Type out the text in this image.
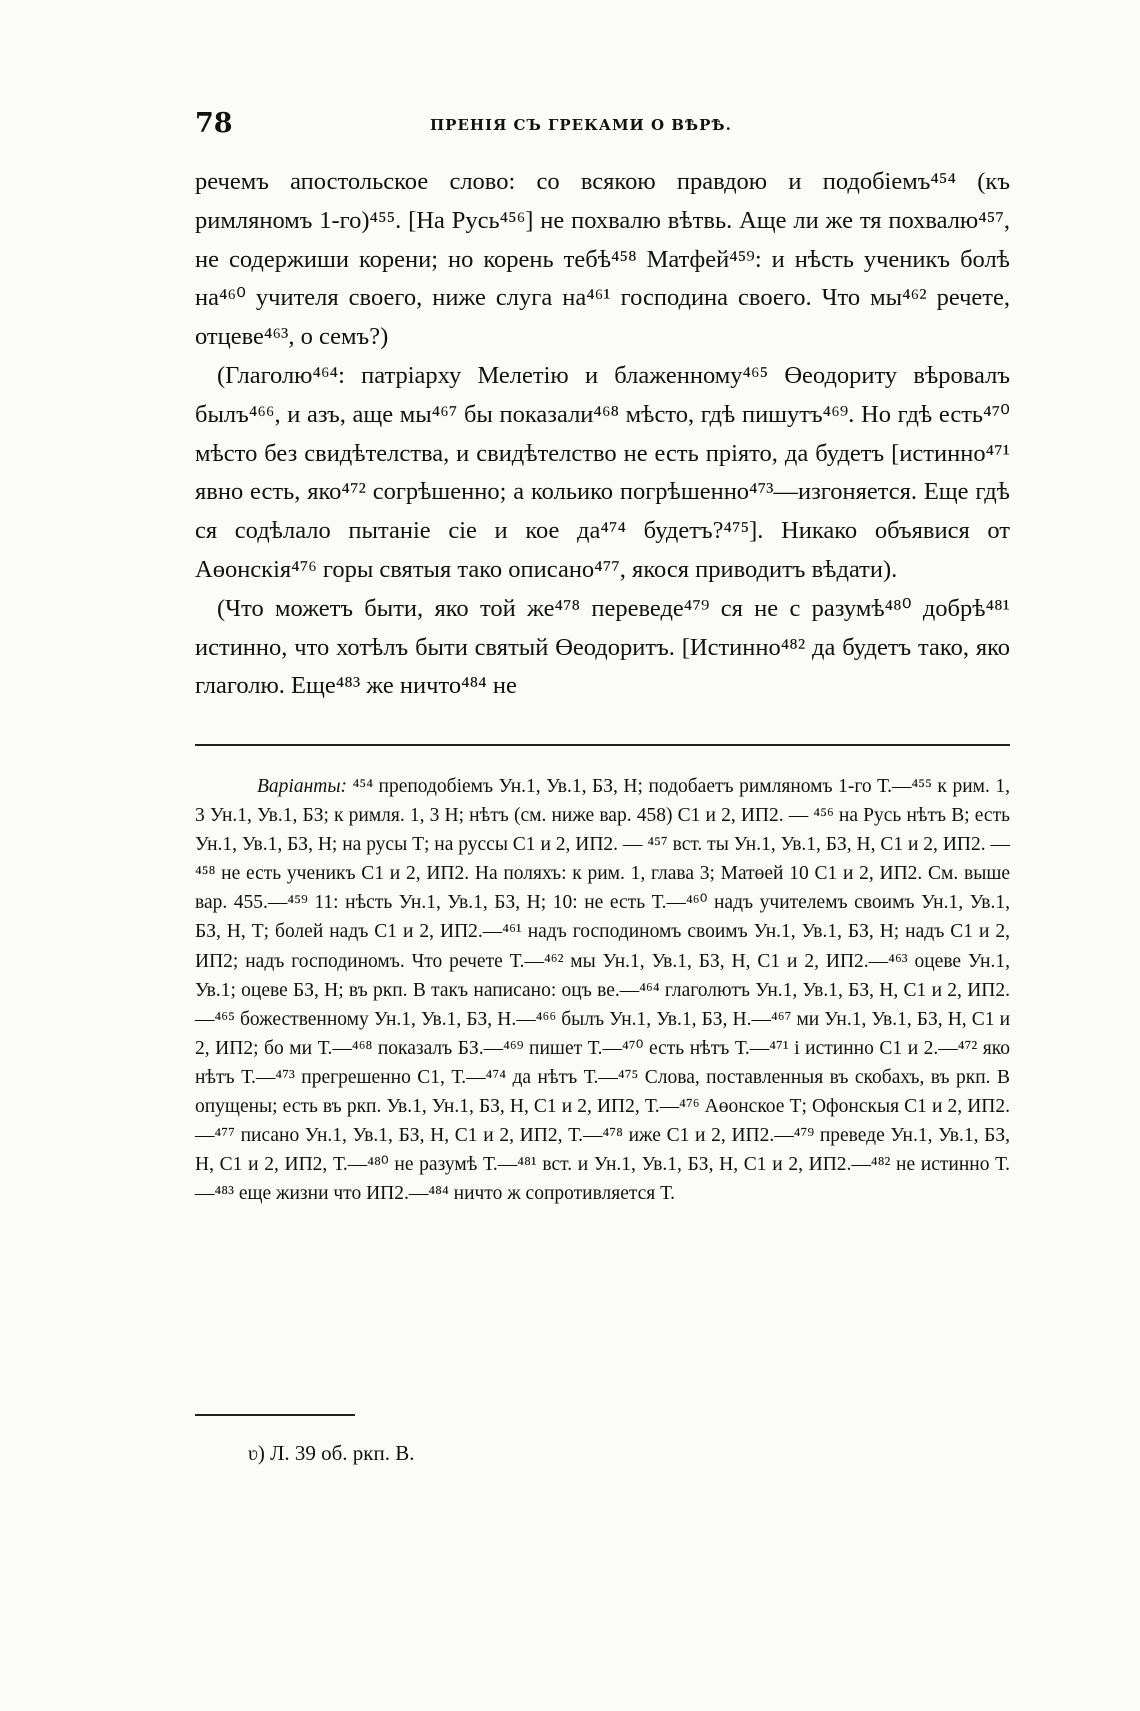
78	ПРЕНІЯ СЪ ГРЕКАМИ О ВѢРѢ.

речемъ апостольское слово: со всякою правдою и подобіемъ⁴⁵⁴ (къ римляномъ 1-го)⁴⁵⁵. [На Русь⁴⁵⁶] не похвалю вѣтвь. Аще ли же тя похвалю⁴⁵⁷, не содержиши корени; но корень тебѣ⁴⁵⁸ Матфей⁴⁵⁹: и нѣсть ученикъ болѣ на⁴⁶⁰ учителя своего, ниже слуга на⁴⁶¹ господина своего. Что мы⁴⁶² речете, отцеве⁴⁶³, о семъ?)

(Глаголю⁴⁶⁴: патріарху Мелетію и блаженному⁴⁶⁵ Өеодориту вѣровалъ былъ⁴⁶⁶, и азъ, аще мы⁴⁶⁷ бы показали⁴⁶⁸ мѣсто, гдѣ пишутъ⁴⁶⁹. Но гдѣ есть⁴⁷⁰ мѣсто без свидѣтелства, и свидѣтелство не есть пріято, да будетъ [истинно⁴⁷¹ явно есть, яко⁴⁷² согрѣшенно; а кольико погрѣшенно⁴⁷³—изгоняется. Еще гдѣ ся содѣлало пытаніе сіе и кое да⁴⁷⁴ будетъ?⁴⁷⁵]. Никако объявися от Аөонскія⁴⁷⁶ горы святыя тако описано⁴⁷⁷, якося приводитъ вѣдати).

(Что можетъ быти, яко той же⁴⁷⁸ переведе⁴⁷⁹ ся не с разумѣ⁴⁸⁰ добрѣ⁴⁸¹ истинно, что хотѣлъ быти святый Өеодоритъ. [Истинно⁴⁸² да будетъ тако, яко глаголю. Еще⁴⁸³ же ничто⁴⁸⁴ не

Варіанты: ⁴⁵⁴ преподобіемъ Ун.1, Ув.1, БЗ, Н; подобаетъ римляномъ 1-го Т.—⁴⁵⁵ к рим. 1, 3 Ун.1, Ув.1, БЗ; к римля. 1, 3 Н; нѣтъ (см. ниже вар. 458) С1 и 2, ИП2. — ⁴⁵⁶ на Русь нѣтъ В; есть Ун.1, Ув.1, БЗ, Н; на русы Т; на руссы С1 и 2, ИП2. — ⁴⁵⁷ вст. ты Ун.1, Ув.1, БЗ, Н, С1 и 2, ИП2. — ⁴⁵⁸ не есть ученикъ С1 и 2, ИП2. На поляхъ: к рим. 1, глава 3; Матөей 10 С1 и 2, ИП2. См. выше вар. 455.—⁴⁵⁹ 11: нѣсть Ун.1, Ув.1, БЗ, Н; 10: не есть Т.—⁴⁶⁰ надъ учителемъ своимъ Ун.1, Ув.1, БЗ, Н, Т; болей надъ С1 и 2, ИП2.—⁴⁶¹ надъ господиномъ своимъ Ун.1, Ув.1, БЗ, Н; надъ С1 и 2, ИП2; надъ господиномъ. Что речете Т.—⁴⁶² мы Ун.1, Ув.1, БЗ, Н, С1 и 2, ИП2.—⁴⁶³ оцеве Ун.1, Ув.1; оцеве БЗ, Н; въ ркп. В такъ написано: оцъ ве.—⁴⁶⁴ глаголютъ Ун.1, Ув.1, БЗ, Н, С1 и 2, ИП2.—⁴⁶⁵ божественному Ун.1, Ув.1, БЗ, Н.—⁴⁶⁶ былъ Ун.1, Ув.1, БЗ, Н.—⁴⁶⁷ ми Ун.1, Ув.1, БЗ, Н, С1 и 2, ИП2; бо ми Т.—⁴⁶⁸ показалъ БЗ.—⁴⁶⁹ пишет Т.—⁴⁷⁰ есть нѣтъ Т.—⁴⁷¹ і истинно С1 и 2.—⁴⁷² яко нѣтъ Т.—⁴⁷³ прегрешенно С1, Т.—⁴⁷⁴ да нѣтъ Т.—⁴⁷⁵ Слова, поставленныя въ скобахъ, въ ркп. В опущены; есть въ ркп. Ув.1, Ун.1, БЗ, Н, С1 и 2, ИП2, Т.—⁴⁷⁶ Аөонское Т; Офонскыя С1 и 2, ИП2.—⁴⁷⁷ писано Ун.1, Ув.1, БЗ, Н, С1 и 2, ИП2, Т.—⁴⁷⁸ иже С1 и 2, ИП2.—⁴⁷⁹ преведе Ун.1, Ув.1, БЗ, Н, С1 и 2, ИП2, Т.—⁴⁸⁰ не разумѣ Т.—⁴⁸¹ вст. и Ун.1, Ув.1, БЗ, Н, С1 и 2, ИП2.—⁴⁸² не истинно Т.—⁴⁸³ еще жизни что ИП2.—⁴⁸⁴ ничто ж сопротивляется Т.
ʋ) Л. 39 об. ркп. В.
